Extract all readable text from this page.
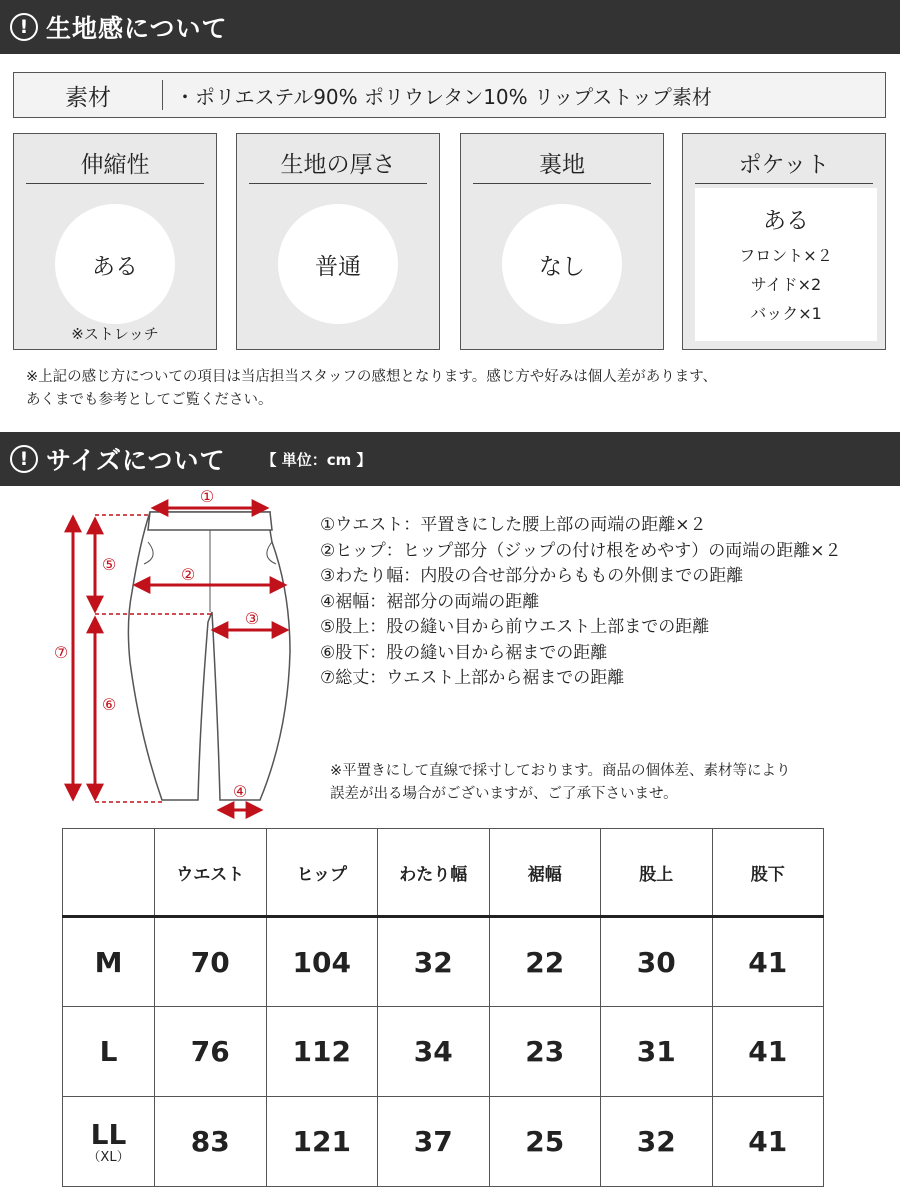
! 生地感について
素材	・ポリエステル90% ポリウレタン10% リップストップ素材
伸縮性
ある
※ストレッチ
生地の厚さ
普通
裏地
なし
ポケット
ある
フロント×２
サイド×2
バック×1

※上記の感じ方についての項目は当店担当スタッフの感想となります。感じ方や好みは個人差があります、
あくまでも参考としてご覧ください。

! サイズについて 【 単位：cm 】
①
②
③
④
⑤
⑥
⑦
①ウエスト：平置きにした腰上部の両端の距離×２
②ヒップ：ヒップ部分（ジップの付け根をめやす）の両端の距離×２
③わたり幅：内股の合せ部分からももの外側までの距離
④裾幅：裾部分の両端の距離
⑤股上：股の縫い目から前ウエスト上部までの距離
⑥股下：股の縫い目から裾までの距離
⑦総丈：ウエスト上部から裾までの距離

※平置きにして直線で採寸しております。商品の個体差、素材等により
誤差が出る場合がございますが、ご了承下さいませ。

	ウエスト	ヒップ	わたり幅	裾幅	股上	股下
M	70	104	32	22	30	41
L	76	112	34	23	31	41
LL
（XL）	83	121	37	25	32	41
